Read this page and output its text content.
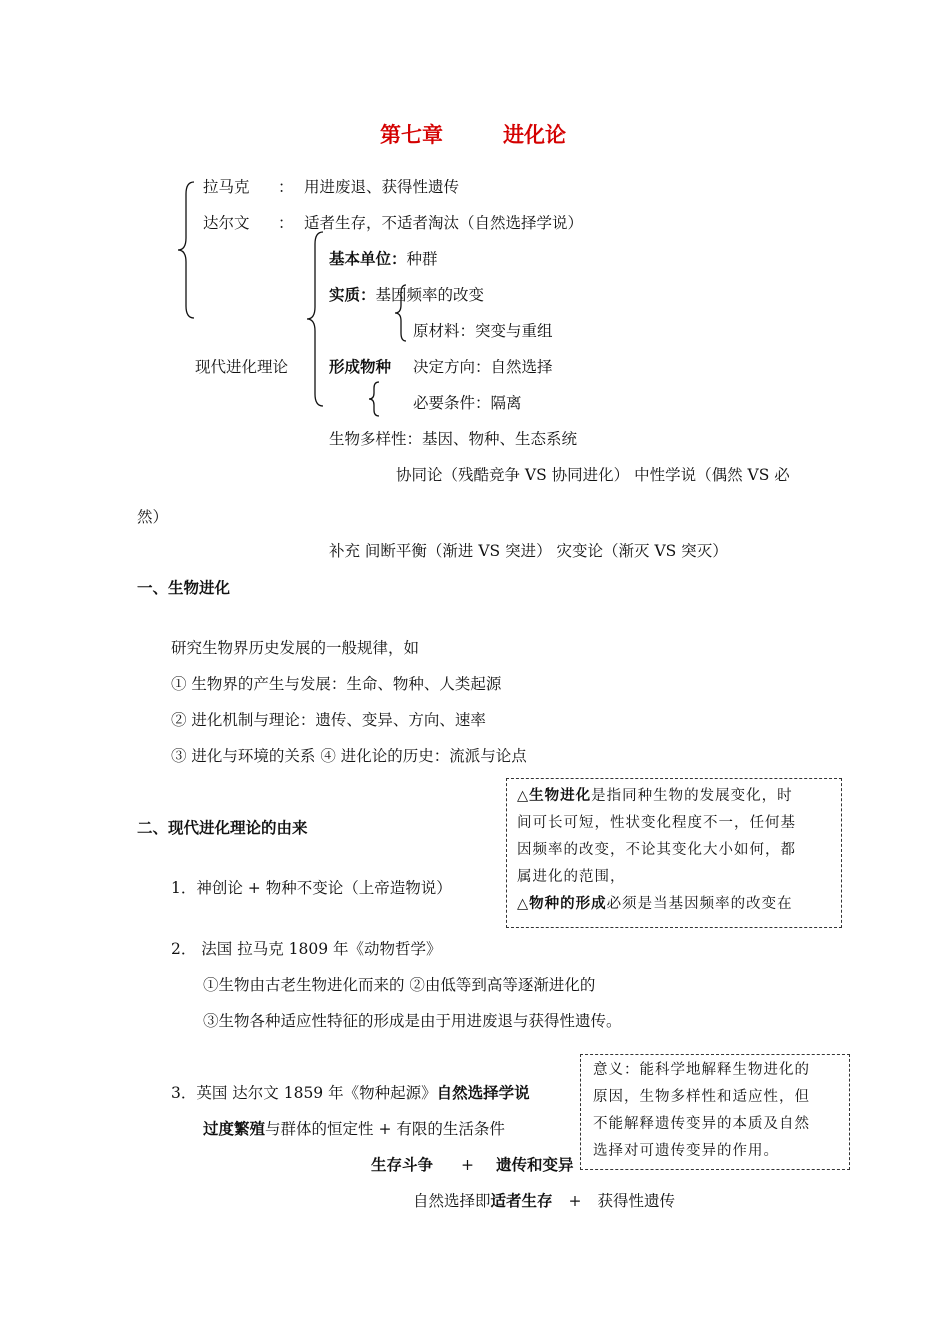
第七章	进化论
拉马克 ： 用进废退、获得性遗传
达尔文 ： 适者生存，不适者淘汰（自然选择学说）
基本单位：种群
实质：基因频率的改变
原材料：突变与重组
现代进化理论	形成物种 决定方向：自然选择
必要条件：隔离
生物多样性：基因、物种、生态系统
协同论（残酷竞争 VS 协同进化） 中性学说（偶然 VS 必
然）
补充 间断平衡（渐进 VS 突进） 灾变论（渐灭 VS 突灭）
一、生物进化
研究生物界历史发展的一般规律，如
① 生物界的产生与发展：生命、物种、人类起源
② 进化机制与理论：遗传、变异、方向、速率
③ 进化与环境的关系 ④ 进化论的历史：流派与论点
△生物进化是指同种生物的发展变化，时
间可长可短，性状变化程度不一，任何基
因频率的改变，不论其变化大小如何，都
属进化的范围，
△物种的形成必须是当基因频率的改变在
二、现代进化理论的由来
1．神创论 + 物种不变论（上帝造物说）
2． 法国 拉马克 1809 年《动物哲学》
①生物由古老生物进化而来的 ②由低等到高等逐渐进化的
③生物各种适应性特征的形成是由于用进废退与获得性遗传。
3．英国 达尔文 1859 年《物种起源》自然选择学说
过度繁殖与群体的恒定性 + 有限的生活条件
生存斗争 + 遗传和变异
自然选择即适者生存 + 获得性遗传
意义：能科学地解释生物进化的
原因，生物多样性和适应性，但
不能解释遗传变异的本质及自然
选择对可遗传变异的作用。
